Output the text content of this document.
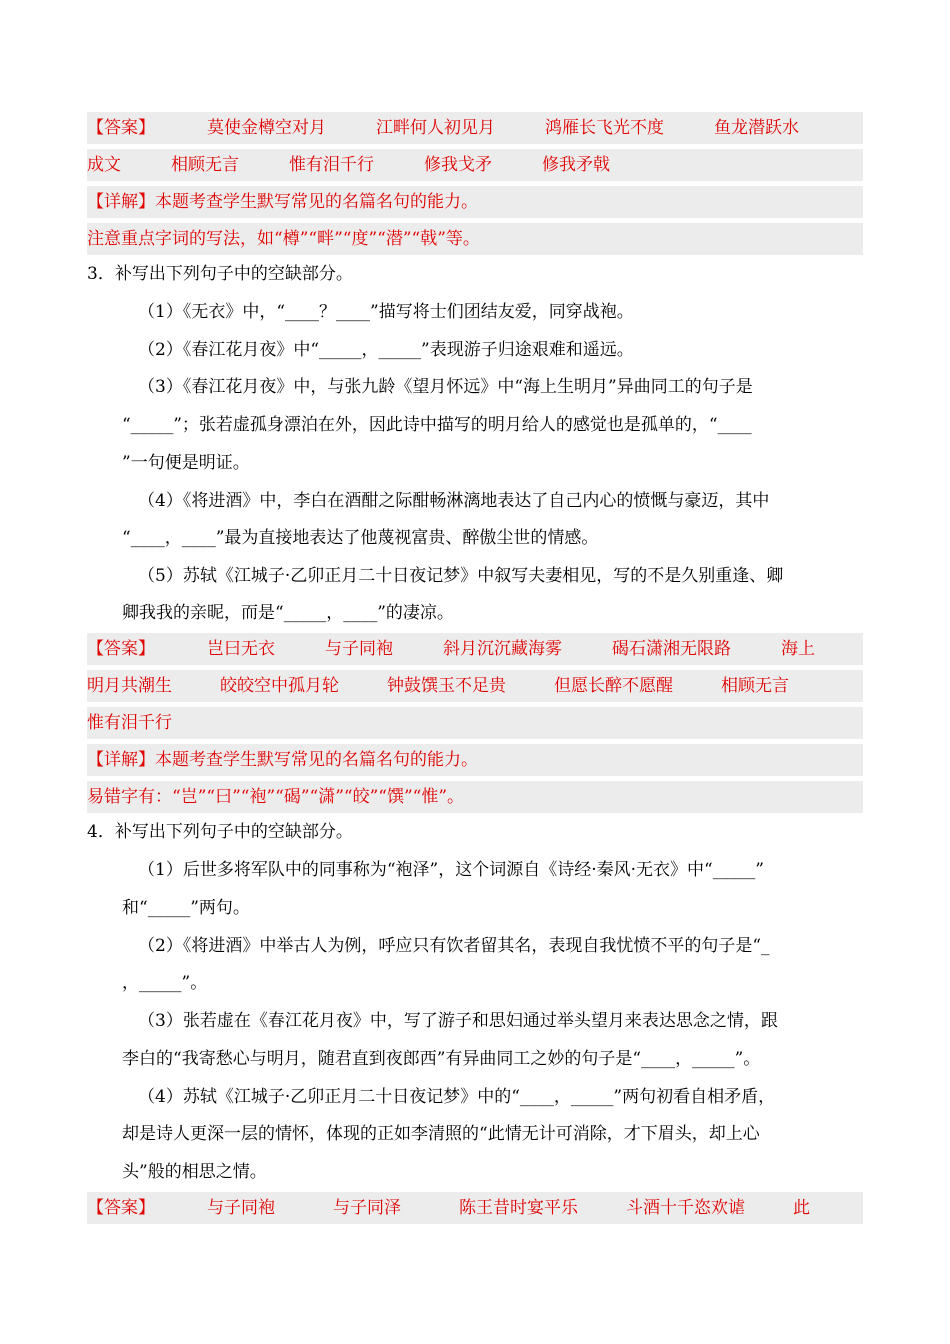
【答案】	莫使金樽空对月	江畔何人初见月	鸿雁长飞光不度	鱼龙潜跃水
成文	相顾无言	惟有泪千行	修我戈矛	修我矛戟
【详解】本题考查学生默写常见的名篇名句的能力。
注意重点字词的写法，如“樽”“畔”“度”“潜”“戟”等。
3．补写出下列句子中的空缺部分。
（1）《无衣》中，“____？____”描写将士们团结友爱，同穿战袍。
（2）《春江花月夜》中“_____，_____”表现游子归途艰难和遥远。
（3）《春江花月夜》中，与张九龄《望月怀远》中“海上生明月”异曲同工的句子是
“_____”；张若虚孤身漂泊在外，因此诗中描写的明月给人的感觉也是孤单的，“____
”一句便是明证。
（4）《将进酒》中，李白在酒酣之际酣畅淋漓地表达了自己内心的愤慨与豪迈，其中
“____，____”最为直接地表达了他蔑视富贵、醉傲尘世的情感。
（5）苏轼《江城子·乙卯正月二十日夜记梦》中叙写夫妻相见，写的不是久别重逢、卿
卿我我的亲昵，而是“_____，____”的凄凉。
【答案】	岂曰无衣	与子同袍	斜月沉沉藏海雾	碣石潇湘无限路	海上
明月共潮生	皎皎空中孤月轮	钟鼓馔玉不足贵	但愿长醉不愿醒	相顾无言
惟有泪千行
【详解】本题考查学生默写常见的名篇名句的能力。
易错字有：“岂”“曰”“袍”“碣”“潇”“皎”“馔”“惟”。
4．补写出下列句子中的空缺部分。
（1）后世多将军队中的同事称为“袍泽”，这个词源自《诗经·秦风·无衣》中“_____”
和“_____”两句。
（2）《将进酒》中举古人为例，呼应只有饮者留其名，表现自我忧愤不平的句子是“_
，_____”。
（3）张若虚在《春江花月夜》中，写了游子和思妇通过举头望月来表达思念之情，跟
李白的“我寄愁心与明月，随君直到夜郎西”有异曲同工之妙的句子是“____，_____”。
（4）苏轼《江城子·乙卯正月二十日夜记梦》中的“____，_____”两句初看自相矛盾，
却是诗人更深一层的情怀，体现的正如李清照的“此情无计可消除，才下眉头，却上心
头”般的相思之情。
【答案】	与子同袍	与子同泽	陈王昔时宴平乐	斗酒十千恣欢谑	此
